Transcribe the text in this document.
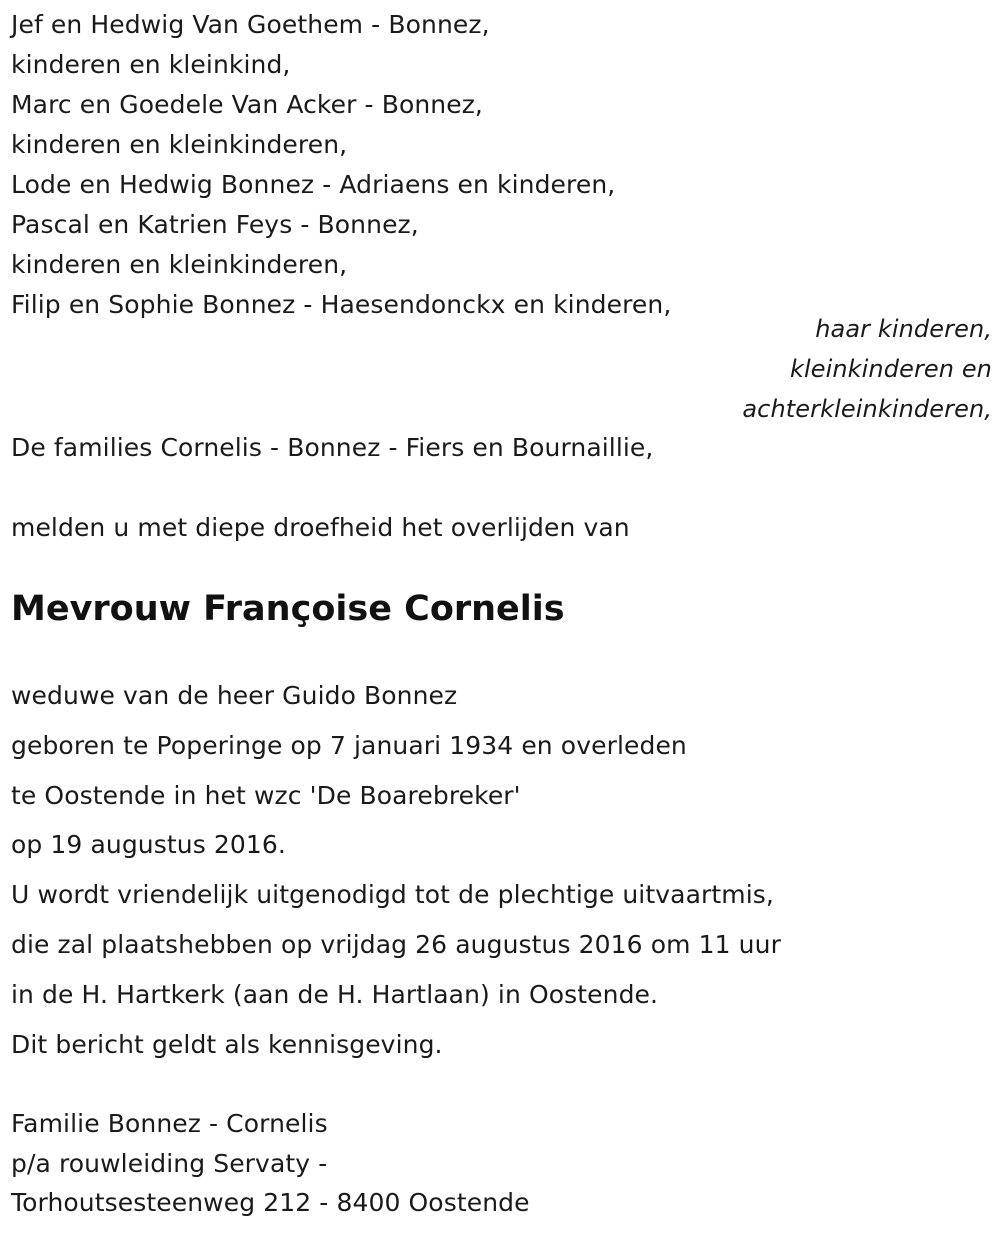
Jef en Hedwig Van Goethem - Bonnez,
kinderen en kleinkind,
Marc en Goedele Van Acker - Bonnez,
kinderen en kleinkinderen,
Lode en Hedwig Bonnez - Adriaens en kinderen,
Pascal en Katrien Feys - Bonnez,
kinderen en kleinkinderen,
Filip en Sophie Bonnez - Haesendonckx en kinderen,
haar kinderen,
kleinkinderen en
achterkleinkinderen,
De families Cornelis - Bonnez - Fiers en Bournaillie,
melden u met diepe droefheid het overlijden van
Mevrouw Françoise Cornelis
weduwe van de heer Guido Bonnez
geboren te Poperinge op 7 januari 1934 en overleden
te Oostende in het wzc 'De Boarebreker'
op 19 augustus 2016.
U wordt vriendelijk uitgenodigd tot de plechtige uitvaartmis,
die zal plaatshebben op vrijdag 26 augustus 2016 om 11 uur
in de H. Hartkerk (aan de H. Hartlaan) in Oostende.
Dit bericht geldt als kennisgeving.
Familie Bonnez - Cornelis
p/a rouwleiding Servaty -
Torhoutsesteenweg 212 - 8400 Oostende
